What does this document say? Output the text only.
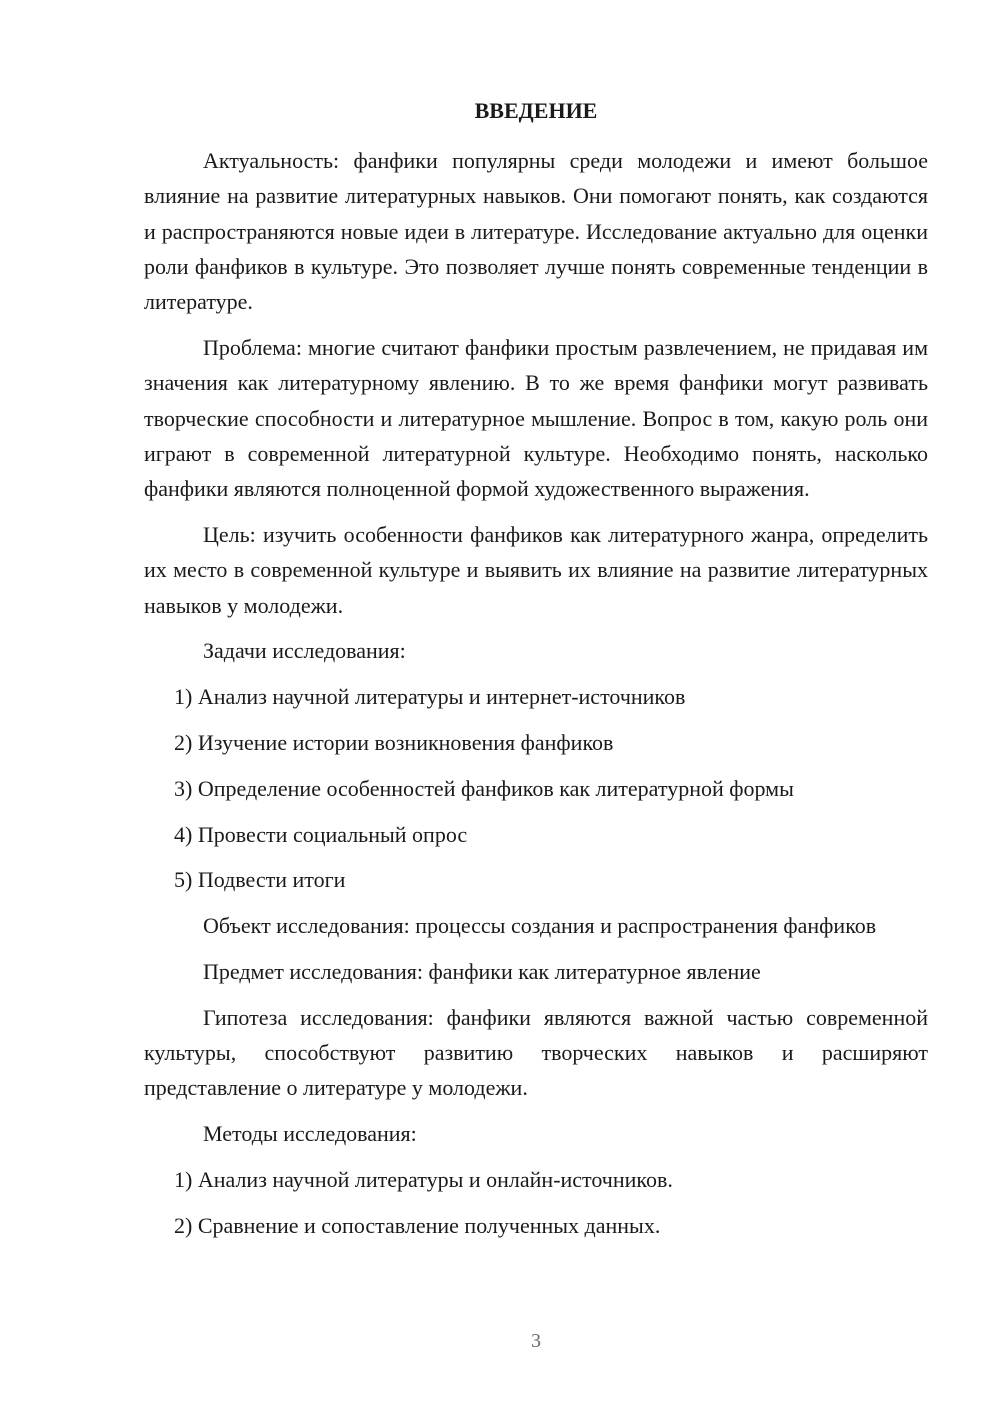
ВВЕДЕНИЕ

Актуальность: фанфики популярны среди молодежи и имеют большое влияние на развитие литературных навыков. Они помогают понять, как создаются и распространяются новые идеи в литературе. Исследование актуально для оценки роли фанфиков в культуре. Это позволяет лучше понять современные тенденции в литературе.

Проблема: многие считают фанфики простым развлечением, не придавая им значения как литературному явлению. В то же время фанфики могут развивать творческие способности и литературное мышление. Вопрос в том, какую роль они играют в современной литературной культуре. Необходимо понять, насколько фанфики являются полноценной формой художественного выражения.

Цель: изучить особенности фанфиков как литературного жанра, определить их место в современной культуре и выявить их влияние на развитие литературных навыков у молодежи.

Задачи исследования:

1) Анализ научной литературы и интернет-источников

2) Изучение истории возникновения фанфиков

3) Определение особенностей фанфиков как литературной формы

4) Провести социальный опрос

5) Подвести итоги

Объект исследования: процессы создания и распространения фанфиков

Предмет исследования: фанфики как литературное явление

Гипотеза исследования: фанфики являются важной частью современной культуры, способствуют развитию творческих навыков и расширяют представление о литературе у молодежи.

Методы исследования:

1) Анализ научной литературы и онлайн-источников.

2) Сравнение и сопоставление полученных данных.

3
